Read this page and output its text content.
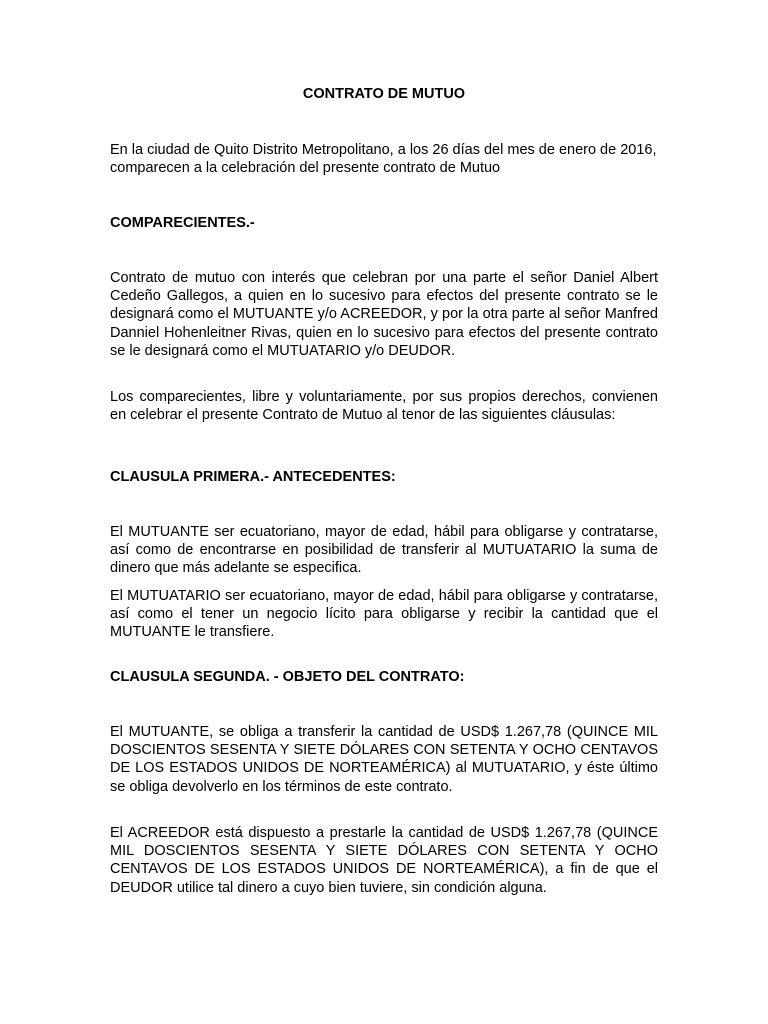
CONTRATO DE MUTUO

En la ciudad de Quito Distrito Metropolitano, a los 26 días del mes de enero de 2016, comparecen a la celebración del presente contrato de Mutuo

COMPARECIENTES.-

Contrato de mutuo con interés que celebran por una parte el señor Daniel Albert Cedeño Gallegos, a quien en lo sucesivo para efectos del presente contrato se le designará como el MUTUANTE y/o ACREEDOR, y por la otra parte al señor Manfred Danniel Hohenleitner Rivas, quien en lo sucesivo para efectos del presente contrato se le designará como el MUTUATARIO y/o DEUDOR.

Los comparecientes, libre y voluntariamente, por sus propios derechos, convienen en celebrar el presente Contrato de Mutuo al tenor de las siguientes cláusulas:

CLAUSULA PRIMERA.- ANTECEDENTES:

El MUTUANTE ser ecuatoriano, mayor de edad, hábil para obligarse y contratarse, así como de encontrarse en posibilidad de transferir al MUTUATARIO la suma de dinero que más adelante se especifica.

El MUTUATARIO ser ecuatoriano, mayor de edad, hábil para obligarse y contratarse, así como el tener un negocio lícito para obligarse y recibir la cantidad que el MUTUANTE le transfiere.

CLAUSULA SEGUNDA. - OBJETO DEL CONTRATO:

El MUTUANTE, se obliga a transferir la cantidad de USD$ 1.267,78 (QUINCE MIL DOSCIENTOS SESENTA Y SIETE DÓLARES CON SETENTA Y OCHO CENTAVOS DE LOS ESTADOS UNIDOS DE NORTEAMÉRICA) al MUTUATARIO, y éste último se obliga devolverlo en los términos de este contrato.

El ACREEDOR está dispuesto a prestarle la cantidad de USD$ 1.267,78 (QUINCE MIL DOSCIENTOS SESENTA Y SIETE DÓLARES CON SETENTA Y OCHO CENTAVOS DE LOS ESTADOS UNIDOS DE NORTEAMÉRICA), a fin de que el DEUDOR utilice tal dinero a cuyo bien tuviere, sin condición alguna.
